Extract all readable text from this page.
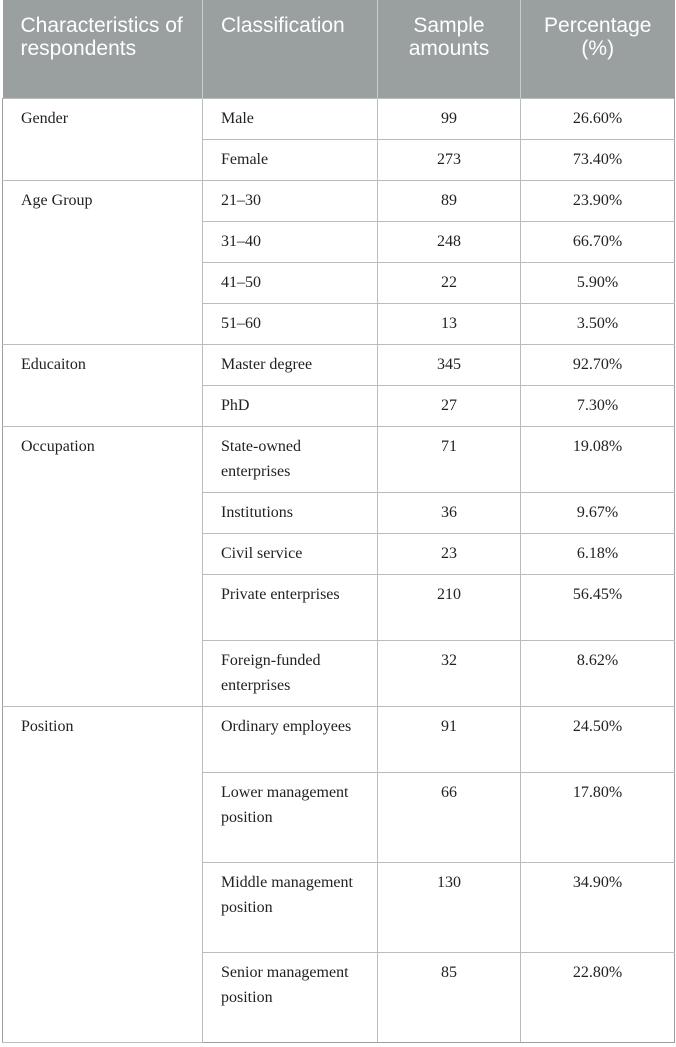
Characteristics of respondents	Classification	Sample amounts	Percentage (%)
Gender	Male	99	26.60%
	Female	273	73.40%
Age Group	21–30	89	23.90%
	31–40	248	66.70%
	41–50	22	5.90%
	51–60	13	3.50%
Educaiton	Master degree	345	92.70%
	PhD	27	7.30%
Occupation	State-owned enterprises	71	19.08%
	Institutions	36	9.67%
	Civil service	23	6.18%
	Private enterprises	210	56.45%
	Foreign-funded enterprises	32	8.62%
Position	Ordinary employees	91	24.50%
	Lower management position	66	17.80%
	Middle management position	130	34.90%
	Senior management position	85	22.80%
